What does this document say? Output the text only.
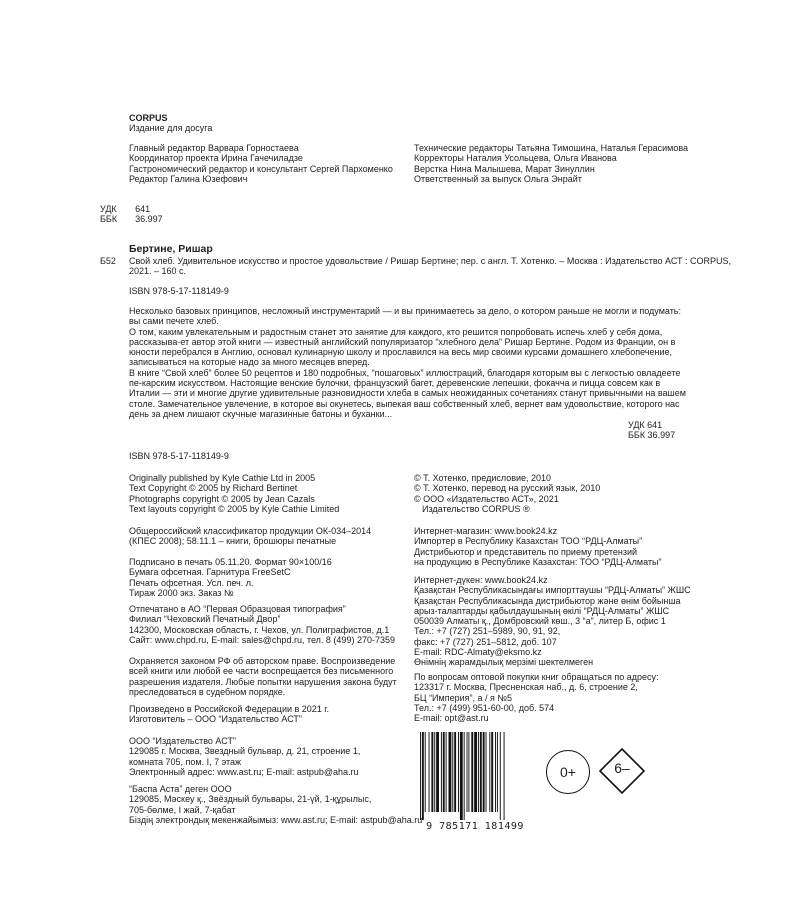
CORPUS
Издание для досуга
Главный редактор Варвара Горностаева
Координатор проекта Ирина Гачечиладзе
Гастрономический редактор и консультант Сергей Пархоменко
Редактор Галина Юзефович
Технические редакторы Татьяна Тимошина, Наталья Герасимова
Корректоры Наталия Усольцева, Ольга Иванова
Верстка Нина Малышева, Марат Зинуллин
Ответственный за выпуск Ольга Энрайт
УДК	641
ББК	36.997
Бертине, Ришар
Б52 Свой хлеб. Удивительное искусство и простое удовольствие / Ришар Бертине; пер. с англ. Т. Хотенко. – Москва : Издательство АСТ : CORPUS,
2021. – 160 с.
ISBN 978-5-17-118149-9
Несколько базовых принципов, несложный инструментарий — и вы принимаетесь за дело, о котором раньше не могли и подумать: вы сами печете хлеб.
О том, каким увлекательным и радостным станет это занятие для каждого, кто решится попробовать испечь хлеб у себя дома, рассказыва-ет автор этой книги — известный английский популяризатор “хлебного дела” Ришар Бертине. Родом из Франции, он в юности перебрался в Англию, основал кулинарную школу и прославился на весь мир своими курсами домашнего хлебопечение, записываться на которые надо за много месяцев вперед.
В книге “Свой хлеб” более 50 рецептов и 180 подробных, “пошаговых” иллюстраций, благодаря которым вы с легкостью овладеете пе-карским искусством. Настоящие венские булочки, французский багет, деревенские лепешки, фокачча и пицца совсем как в Италии — эти и многие другие удивительные разновидности хлеба в самых неожиданных сочетаниях станут привычными на вашем столе. Замечательное увлечение, в которое вы окунетесь, выпекая ваш собственный хлеб, вернет вам удовольствие, которого нас день за днем лишают скучные магазинные батоны и буханки...
УДК 641
ББК 36.997
ISBN 978-5-17-118149-9
Originally published by Kyle Cathie Ltd in 2005
Text Copyright © 2005 by Richard Bertinet
Photographs copyright © 2005 by Jean Cazals
Text layouts copyright © 2005 by Kyle Cathie Limited
© Т. Хотенко, предисловие, 2010
© Т. Хотенко, перевод на русский язык, 2010
© ООО «Издательство АСТ», 2021
Издательство CORPUS ®
Общероссийский классификатор продукции ОК-034–2014
(КПЕС 2008); 58.11.1 – книги, брошюры печатные
Подписано в печать 05.11.20. Формат 90×100/16
Бумага офсетная. Гарнитура FreeSetC
Печать офсетная. Усл. печ. л.
Тираж 2000 экз. Заказ №
Отпечатано в АО “Первая Образцовая типография”
Филиал “Чеховский Печатный Двор”
142300, Московская область, г. Чехов, ул. Полиграфистов, д.1
Сайт: www.chpd.ru, E-mail: sales@chpd.ru, тел. 8 (499) 270-7359
Охраняется законом РФ об авторском праве. Воспроизведение
всей книги или любой ее части воспрещается без письменного
разрешения издателя. Любые попытки нарушения закона будут
преследоваться в судебном порядке.
Произведено в Российской Федерации в 2021 г.
Изготовитель – ООО “Издательство АСТ”
ООО “Издательство АСТ”
129085 г. Москва, Звездный бульвар, д. 21, строение 1,
комната 705, пом. I, 7 этаж
Электронный адрес: www.ast.ru; E-mail: astpub@aha.ru
“Баспа Аста” деген ООО
129085, Мәскеу қ., Звёздный бульвары, 21-үй, 1-құрылыс,
705-бөлме, I жай, 7-қабат
Біздің электрондық мекенжайымыз: www.ast.ru; E-mail: astpub@aha.ru
Интернет-магазин: www.book24.kz
Импортер в Республику Казахстан ТОО “РДЦ-Алматы”
Дистрибьютор и представитель по приему претензий
на продукцию в Республике Казахстан: ТОО “РДЦ-Алматы”
Интернет-дүкен: www.book24.kz
Қазақстан Республикасындағы импорттаушы “РДЦ-Алматы” ЖШС
Қазақстан Республикасында дистрибьютор және өнім бойынша
арыз-талаптарды қабылдаушының өкілі “РДЦ-Алматы” ЖШС
050039 Алматы қ., Домбровский көш., 3 “а”, литер Б, офис 1
Тел.: +7 (727) 251–5989, 90, 91, 92,
факс: +7 (727) 251–5812, доб. 107
E-mail: RDC-Almaty@eksmo.kz
Өнімнің жарамдылық мерзімі шектелмеген
По вопросам оптовой покупки книг обращаться по адресу:
123317 г. Москва, Пресненская наб., д. 6, строение 2,
БЦ “Империя”, а / я №5
Тел.: +7 (499) 951-60-00, доб. 574
E-mail: opt@ast.ru
9 785171 181499
0+	6–
